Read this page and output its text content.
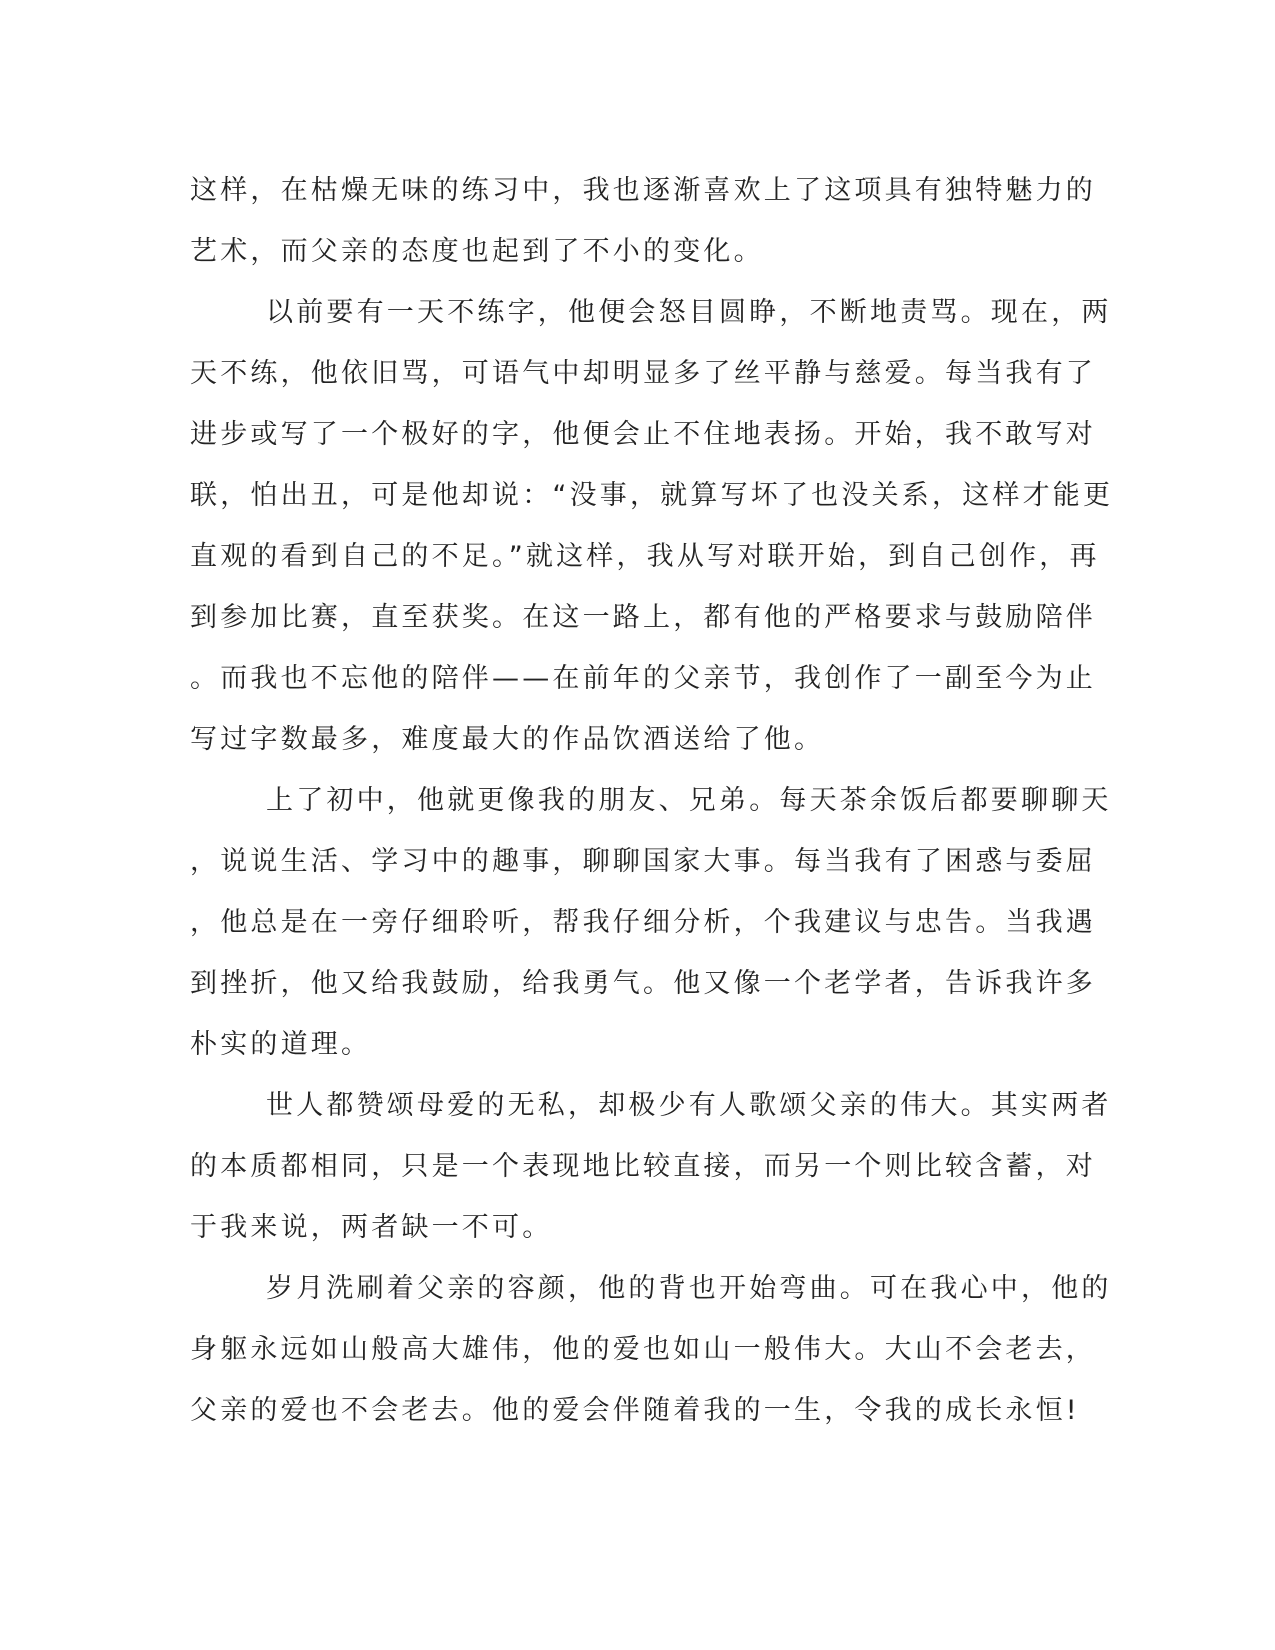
这样，在枯燥无味的练习中，我也逐渐喜欢上了这项具有独特魅力的
艺术，而父亲的态度也起到了不小的变化。
以前要有一天不练字，他便会怒目圆睁，不断地责骂。现在，两
天不练，他依旧骂，可语气中却明显多了丝平静与慈爱。每当我有了
进步或写了一个极好的字，他便会止不住地表扬。开始，我不敢写对
联，怕出丑，可是他却说：“没事，就算写坏了也没关系，这样才能更
直观的看到自己的不足。”就这样，我从写对联开始，到自己创作，再
到参加比赛，直至获奖。在这一路上，都有他的严格要求与鼓励陪伴
。而我也不忘他的陪伴——在前年的父亲节，我创作了一副至今为止
写过字数最多，难度最大的作品饮酒送给了他。
上了初中，他就更像我的朋友、兄弟。每天茶余饭后都要聊聊天
，说说生活、学习中的趣事，聊聊国家大事。每当我有了困惑与委屈
，他总是在一旁仔细聆听，帮我仔细分析，个我建议与忠告。当我遇
到挫折，他又给我鼓励，给我勇气。他又像一个老学者，告诉我许多
朴实的道理。
世人都赞颂母爱的无私，却极少有人歌颂父亲的伟大。其实两者
的本质都相同，只是一个表现地比较直接，而另一个则比较含蓄，对
于我来说，两者缺一不可。
岁月洗刷着父亲的容颜，他的背也开始弯曲。可在我心中，他的
身躯永远如山般高大雄伟，他的爱也如山一般伟大。大山不会老去，
父亲的爱也不会老去。他的爱会伴随着我的一生，令我的成长永恒!
